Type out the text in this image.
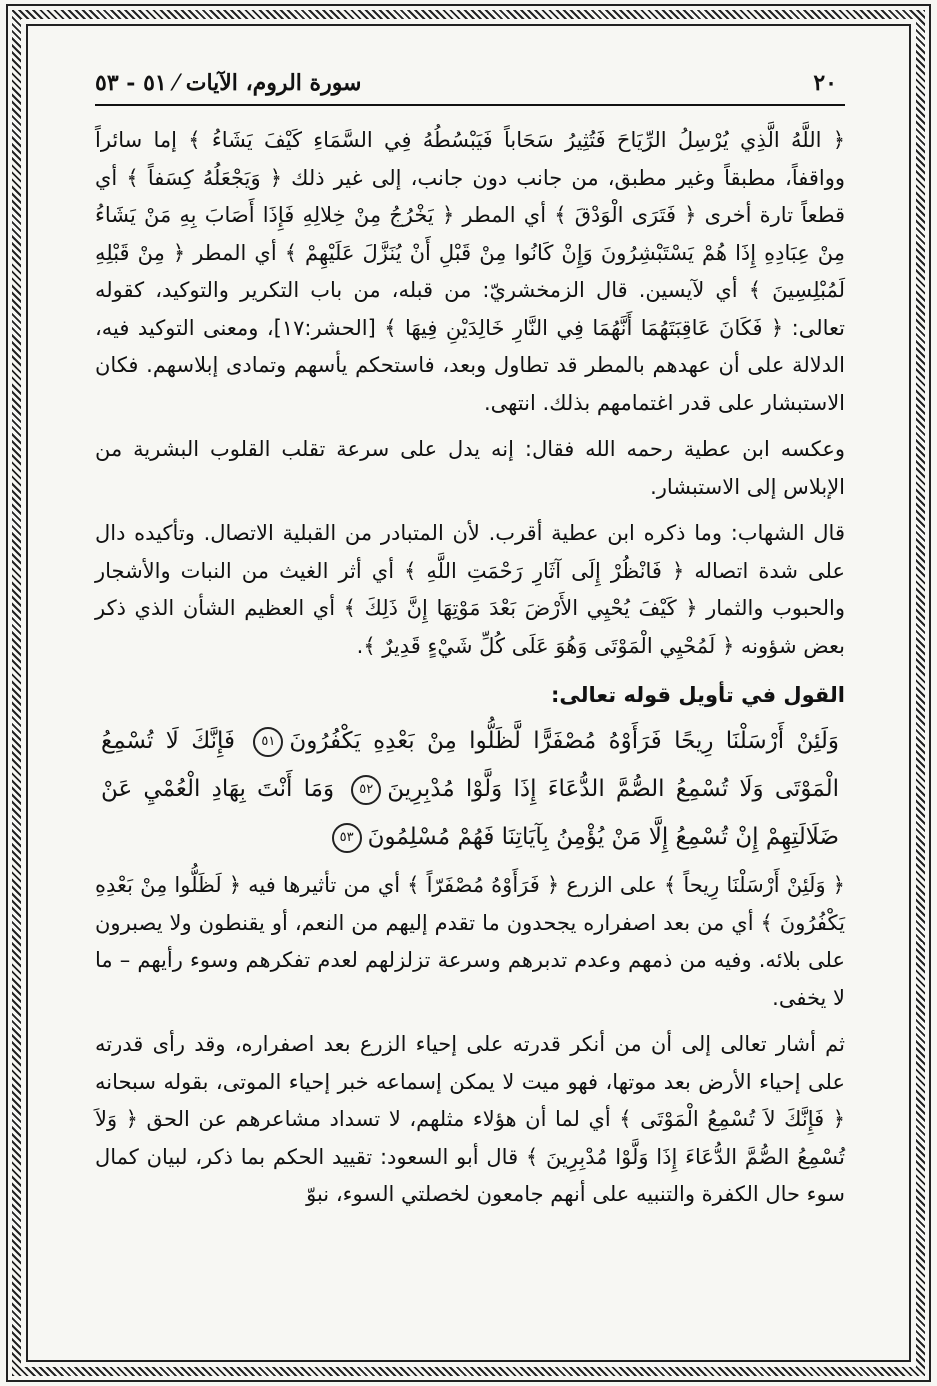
٢٠
سورة الروم، الآيات ⁄ ٥١ - ٥٣

﴿ اللَّهُ الَّذِي يُرْسِلُ الرِّيَاحَ فَتُثِيرُ سَحَاباً فَيَبْسُطُهُ فِي السَّمَاءِ كَيْفَ يَشَاءُ ﴾ إما سائراً وواقفاً، مطبقاً وغير مطبق، من جانب دون جانب، إلى غير ذلك ﴿ وَيَجْعَلُهُ كِسَفاً ﴾ أي قطعاً تارة أخرى ﴿ فَتَرَى الْوَدْقَ ﴾ أي المطر ﴿ يَخْرُجُ مِنْ خِلالِهِ فَإِذَا أَصَابَ بِهِ مَنْ يَشَاءُ مِنْ عِبَادِهِ إِذَا هُمْ يَسْتَبْشِرُونَ وَإِنْ كَانُوا مِنْ قَبْلِ أَنْ يُنَزَّلَ عَلَيْهِمْ ﴾ أي المطر ﴿ مِنْ قَبْلِهِ لَمُبْلِسِينَ ﴾ أي لآيسين. قال الزمخشريّ: من قبله، من باب التكرير والتوكيد، كقوله تعالى: ﴿ فَكَانَ عَاقِبَتَهُمَا أَنَّهُمَا فِي النَّارِ خَالِدَيْنِ فِيهَا ﴾ [الحشر:١٧]، ومعنى التوكيد فيه، الدلالة على أن عهدهم بالمطر قد تطاول وبعد، فاستحكم يأسهم وتمادى إبلاسهم. فكان الاستبشار على قدر اغتمامهم بذلك. انتهى.

وعكسه ابن عطية رحمه الله فقال: إنه يدل على سرعة تقلب القلوب البشرية من الإبلاس إلى الاستبشار.

قال الشهاب: وما ذكره ابن عطية أقرب. لأن المتبادر من القبلية الاتصال. وتأكيده دال على شدة اتصاله ﴿ فَانْظُرْ إِلَى آثَارِ رَحْمَتِ اللَّهِ ﴾ أي أثر الغيث من النبات والأشجار والحبوب والثمار ﴿ كَيْفَ يُحْيِي الأَرْضَ بَعْدَ مَوْتِهَا إِنَّ ذَلِكَ ﴾ أي العظيم الشأن الذي ذكر بعض شؤونه ﴿ لَمُحْيِي الْمَوْتَى وَهُوَ عَلَى كُلِّ شَيْءٍ قَدِيرٌ ﴾.

القول في تأويل قوله تعالى:
وَلَئِنْ أَرْسَلْنَا رِيحًا فَرَأَوْهُ مُصْفَرًّا لَّظَلُّوا مِنْ بَعْدِهِ يَكْفُرُونَ٥١ فَإِنَّكَ لَا تُسْمِعُ الْمَوْتَى وَلَا تُسْمِعُ الصُّمَّ الدُّعَاءَ إِذَا وَلَّوْا مُدْبِرِينَ٥٢ وَمَا أَنْتَ بِهَادِ الْعُمْيِ عَنْ ضَلَالَتِهِمْ إِنْ تُسْمِعُ إِلَّا مَنْ يُؤْمِنُ بِآيَاتِنَا فَهُمْ مُسْلِمُونَ٥٣

﴿ وَلَئِنْ أَرْسَلْنَا رِيحاً ﴾ على الزرع ﴿ فَرَأَوْهُ مُصْفَرّاً ﴾ أي من تأثيرها فيه ﴿ لَظَلُّوا مِنْ بَعْدِهِ يَكْفُرُونَ ﴾ أي من بعد اصفراره يجحدون ما تقدم إليهم من النعم، أو يقنطون ولا يصبرون على بلائه. وفيه من ذمهم وعدم تدبرهم وسرعة تزلزلهم لعدم تفكرهم وسوء رأيهم – ما لا يخفى.

ثم أشار تعالى إلى أن من أنكر قدرته على إحياء الزرع بعد اصفراره، وقد رأى قدرته على إحياء الأرض بعد موتها، فهو ميت لا يمكن إسماعه خبر إحياء الموتى، بقوله سبحانه ﴿ فَإِنَّكَ لاَ تُسْمِعُ الْمَوْتَى ﴾ أي لما أن هؤلاء مثلهم، لا تسداد مشاعرهم عن الحق ﴿ وَلاَ تُسْمِعُ الصُّمَّ الدُّعَاءَ إِذَا وَلَّوْا مُدْبِرِينَ ﴾ قال أبو السعود: تقييد الحكم بما ذكر، لبيان كمال سوء حال الكفرة والتنبيه على أنهم جامعون لخصلتي السوء، نبوّ
